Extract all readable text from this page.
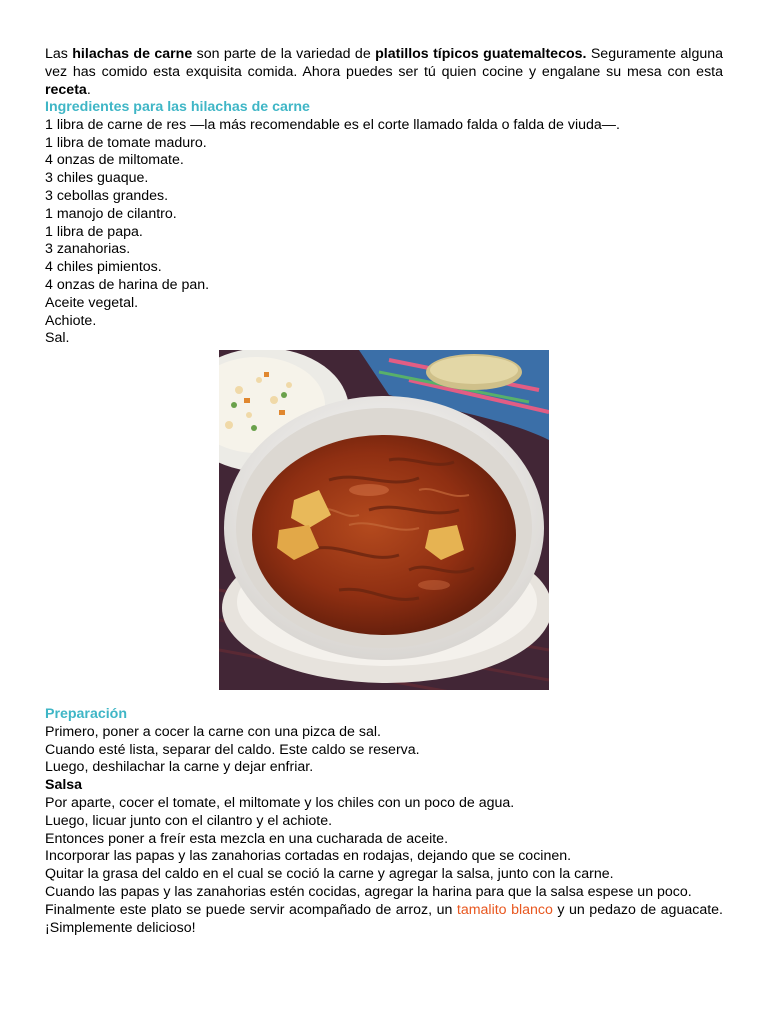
Las hilachas de carne son parte de la variedad de platillos típicos guatemaltecos. Seguramente alguna vez has comido esta exquisita comida. Ahora puedes ser tú quien cocine y engalane su mesa con esta receta.
Ingredientes para las hilachas de carne
1 libra de carne de res —la más recomendable es el corte llamado falda o falda de viuda—.
1 libra de tomate maduro.
4 onzas de miltomate.
3 chiles guaque.
3 cebollas grandes.
1 manojo de cilantro.
1 libra de papa.
3 zanahorias.
4 chiles pimientos.
4 onzas de harina de pan.
Aceite vegetal.
Achiote.
Sal.
Preparación
Primero, poner a cocer la carne con una pizca de sal.
Cuando esté lista, separar del caldo. Este caldo se reserva.
Luego, deshilachar la carne y dejar enfriar.
Salsa
Por aparte, cocer el tomate, el miltomate y los chiles con un poco de agua.
Luego, licuar junto con el cilantro y el achiote.
Entonces poner a freír esta mezcla en una cucharada de aceite.
Incorporar las papas y las zanahorias cortadas en rodajas, dejando que se cocinen.
Quitar la grasa del caldo en el cual se coció la carne y agregar la salsa, junto con la carne.
Cuando las papas y las zanahorias estén cocidas, agregar la harina para que la salsa espese un poco.
Finalmente este plato se puede servir acompañado de arroz, un tamalito blanco y un pedazo de aguacate. ¡Simplemente delicioso!
